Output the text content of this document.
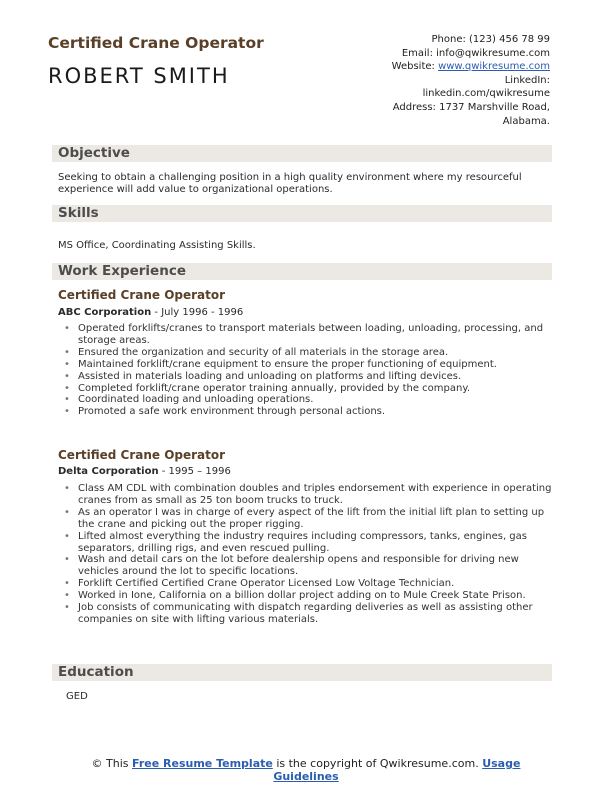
Certified Crane Operator
ROBERT SMITH
Phone: (123) 456 78 99
Email: info@qwikresume.com
Website: www.qwikresume.com
LinkedIn:
linkedin.com/qwikresume
Address: 1737 Marshville Road,
Alabama.
Objective
Seeking to obtain a challenging position in a high quality environment where my resourceful experience will add value to organizational operations.
Skills
MS Office, Coordinating Assisting Skills.
Work Experience
Certified Crane Operator
ABC Corporation - July 1996 - 1996
• Operated forklifts/cranes to transport materials between loading, unloading, processing, and storage areas.
• Ensured the organization and security of all materials in the storage area.
• Maintained forklift/crane equipment to ensure the proper functioning of equipment.
• Assisted in materials loading and unloading on platforms and lifting devices.
• Completed forklift/crane operator training annually, provided by the company.
• Coordinated loading and unloading operations.
• Promoted a safe work environment through personal actions.
Certified Crane Operator
Delta Corporation - 1995 – 1996
• Class AM CDL with combination doubles and triples endorsement with experience in operating cranes from as small as 25 ton boom trucks to truck.
• As an operator I was in charge of every aspect of the lift from the initial lift plan to setting up the crane and picking out the proper rigging.
• Lifted almost everything the industry requires including compressors, tanks, engines, gas separators, drilling rigs, and even rescued pulling.
• Wash and detail cars on the lot before dealership opens and responsible for driving new vehicles around the lot to specific locations.
• Forklift Certified Certified Crane Operator Licensed Low Voltage Technician.
• Worked in Ione, California on a billion dollar project adding on to Mule Creek State Prison.
• Job consists of communicating with dispatch regarding deliveries as well as assisting other companies on site with lifting various materials.
Education
GED
© This Free Resume Template is the copyright of Qwikresume.com. Usage
Guidelines
